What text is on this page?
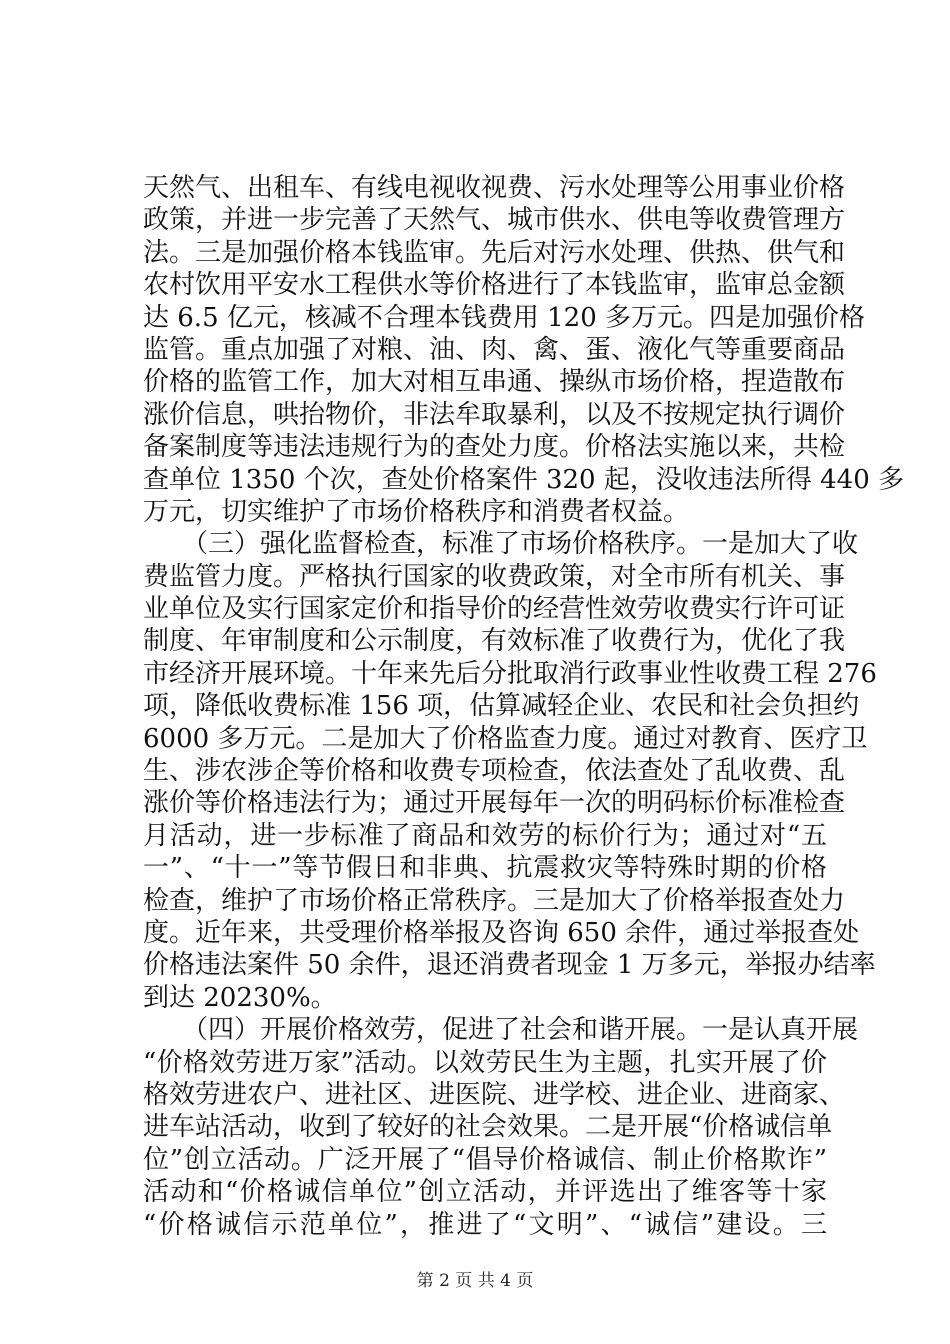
天然气、出租车、有线电视收视费、污水处理等公用事业价格
政策，并进一步完善了天然气、城市供水、供电等收费管理方
法。三是加强价格本钱监审。先后对污水处理、供热、供气和
农村饮用平安水工程供水等价格进行了本钱监审，监审总金额
达 6.5 亿元，核减不合理本钱费用 120 多万元。四是加强价格
监管。重点加强了对粮、油、肉、禽、蛋、液化气等重要商品
价格的监管工作，加大对相互串通、操纵市场价格，捏造散布
涨价信息，哄抬物价，非法牟取暴利，以及不按规定执行调价
备案制度等违法违规行为的查处力度。价格法实施以来，共检
查单位 1350 个次，查处价格案件 320 起，没收违法所得 440 多
万元，切实维护了市场价格秩序和消费者权益。
　　（三）强化监督检查，标准了市场价格秩序。一是加大了收
费监管力度。严格执行国家的收费政策，对全市所有机关、事
业单位及实行国家定价和指导价的经营性效劳收费实行许可证
制度、年审制度和公示制度，有效标准了收费行为，优化了我
市经济开展环境。十年来先后分批取消行政事业性收费工程 276
项，降低收费标准 156 项，估算减轻企业、农民和社会负担约
6000 多万元。二是加大了价格监查力度。通过对教育、医疗卫
生、涉农涉企等价格和收费专项检查，依法查处了乱收费、乱
涨价等价格违法行为；通过开展每年一次的明码标价标准检查
月活动，进一步标准了商品和效劳的标价行为；通过对“五
一”、“十一”等节假日和非典、抗震救灾等特殊时期的价格
检查，维护了市场价格正常秩序。三是加大了价格举报查处力
度。近年来，共受理价格举报及咨询 650 余件，通过举报查处
价格违法案件 50 余件，退还消费者现金 1 万多元，举报办结率
到达 20230%。
　　（四）开展价格效劳，促进了社会和谐开展。一是认真开展
“价格效劳进万家”活动。以效劳民生为主题，扎实开展了价
格效劳进农户、进社区、进医院、进学校、进企业、进商家、
进车站活动，收到了较好的社会效果。二是开展“价格诚信单
位”创立活动。广泛开展了“倡导价格诚信、制止价格欺诈”
活动和“价格诚信单位”创立活动，并评选出了维客等十家
“价格诚信示范单位”，推进了“文明”、“诚信”建设。三
第 2 页 共 4 页
